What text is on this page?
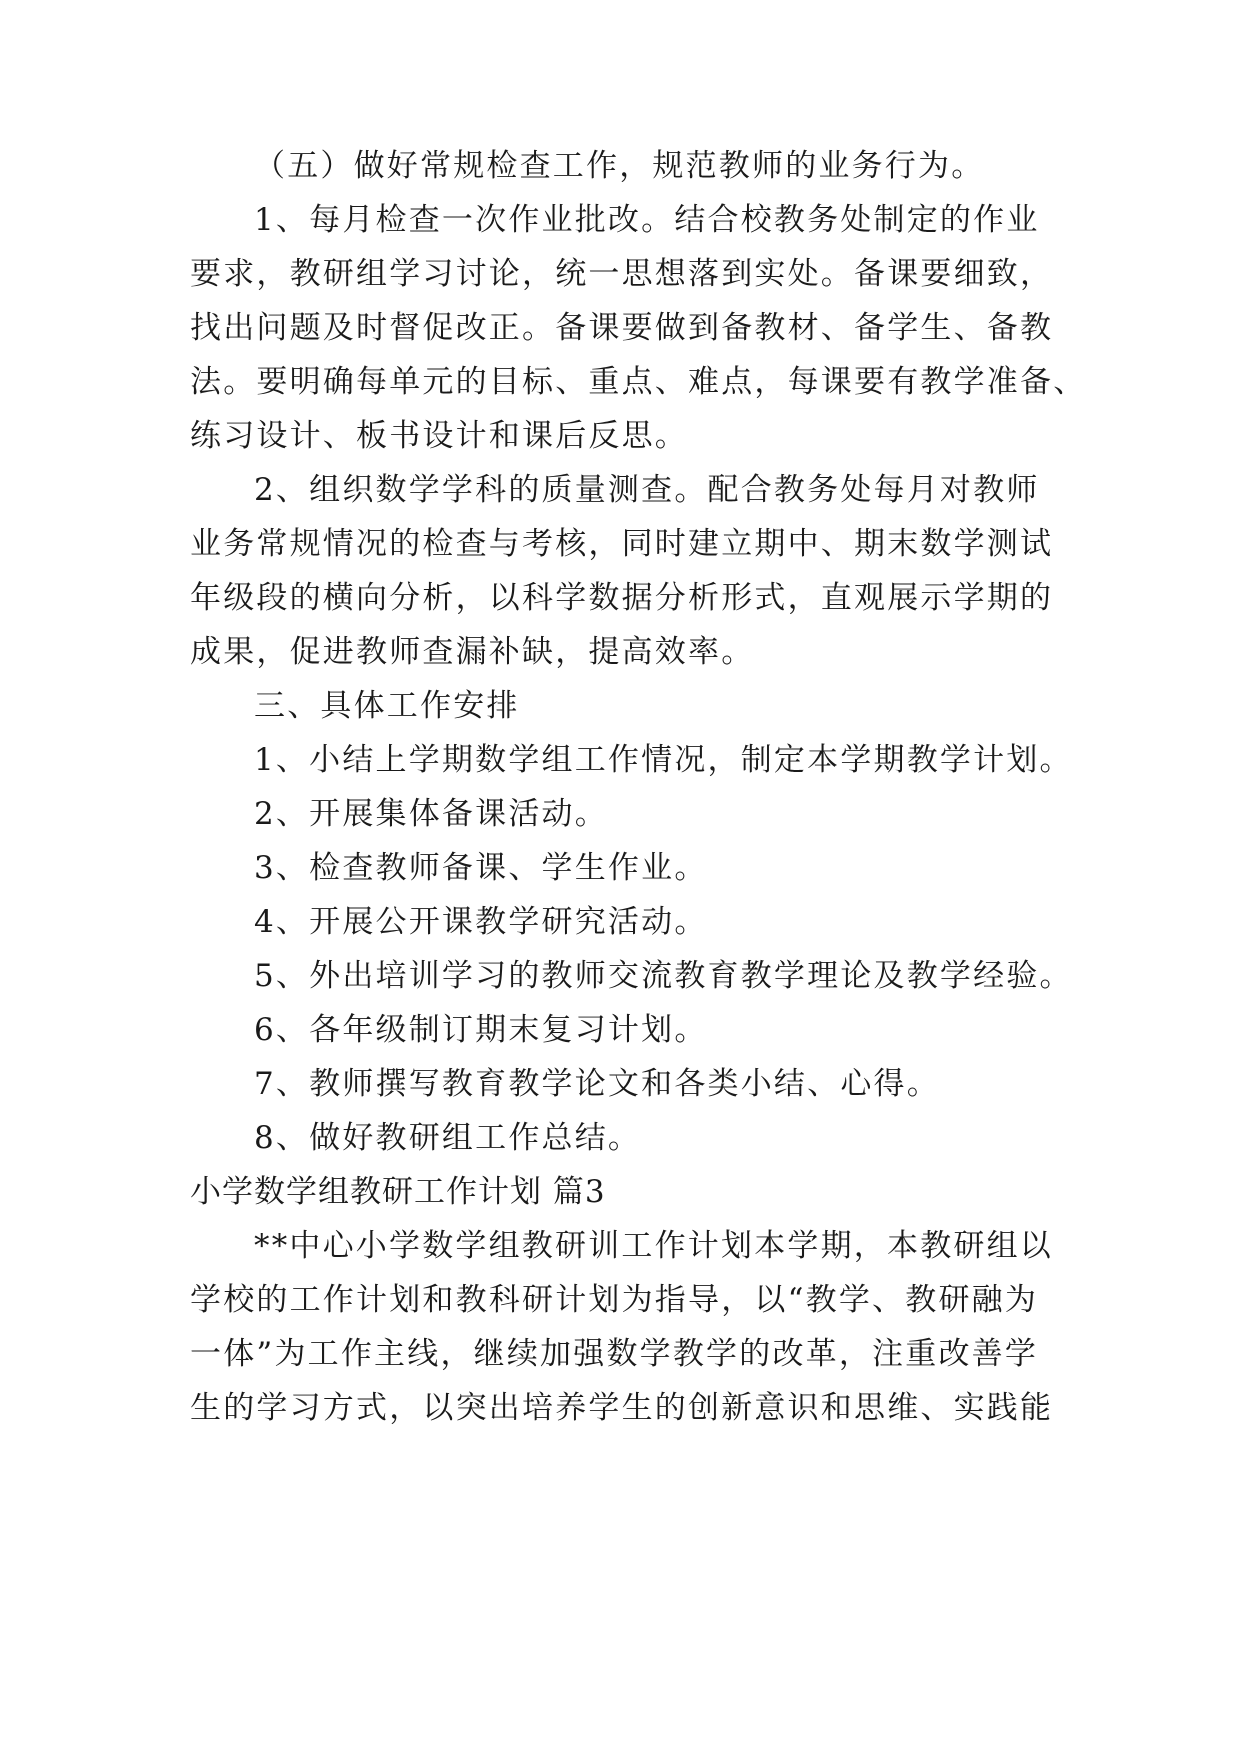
（五）做好常规检查工作，规范教师的业务行为。
1、每月检查一次作业批改。结合校教务处制定的作业
要求，教研组学习讨论，统一思想落到实处。备课要细致，
找出问题及时督促改正。备课要做到备教材、备学生、备教
法。要明确每单元的目标、重点、难点，每课要有教学准备、
练习设计、板书设计和课后反思。
2、组织数学学科的质量测查。配合教务处每月对教师
业务常规情况的检查与考核，同时建立期中、期末数学测试
年级段的横向分析，以科学数据分析形式，直观展示学期的
成果，促进教师查漏补缺，提高效率。
三、具体工作安排
1、小结上学期数学组工作情况，制定本学期教学计划。
2、开展集体备课活动。
3、检查教师备课、学生作业。
4、开展公开课教学研究活动。
5、外出培训学习的教师交流教育教学理论及教学经验。
6、各年级制订期末复习计划。
7、教师撰写教育教学论文和各类小结、心得。
8、做好教研组工作总结。
小学数学组教研工作计划 篇3
**中心小学数学组教研训工作计划本学期，本教研组以
学校的工作计划和教科研计划为指导，以“教学、教研融为
一体”为工作主线，继续加强数学教学的改革，注重改善学
生的学习方式，以突出培养学生的创新意识和思维、实践能
